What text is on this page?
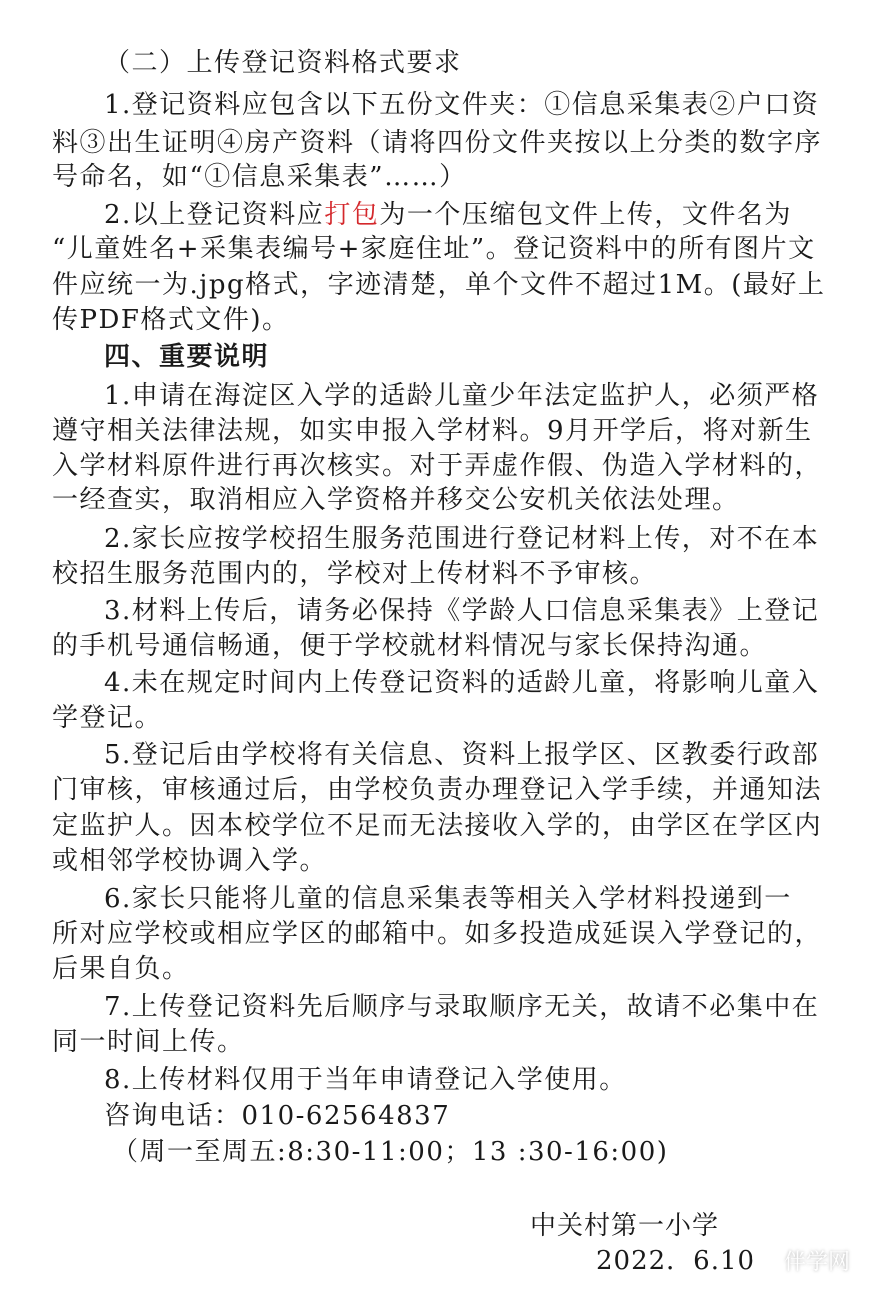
（二）上传登记资料格式要求
1.登记资料应包含以下五份文件夹：①信息采集表②户口资
料③出生证明④房产资料（请将四份文件夹按以上分类的数字序
号命名，如“①信息采集表”……）
2.以上登记资料应打包为一个压缩包文件上传，文件名为
“儿童姓名+采集表编号+家庭住址”。登记资料中的所有图片文
件应统一为.jpg格式，字迹清楚，单个文件不超过1M。(最好上
传PDF格式文件)。
四、重要说明
1.申请在海淀区入学的适龄儿童少年法定监护人，必须严格
遵守相关法律法规，如实申报入学材料。9月开学后，将对新生
入学材料原件进行再次核实。对于弄虚作假、伪造入学材料的，
一经查实，取消相应入学资格并移交公安机关依法处理。
2.家长应按学校招生服务范围进行登记材料上传，对不在本
校招生服务范围内的，学校对上传材料不予审核。
3.材料上传后，请务必保持《学龄人口信息采集表》上登记
的手机号通信畅通，便于学校就材料情况与家长保持沟通。
4.未在规定时间内上传登记资料的适龄儿童，将影响儿童入
学登记。
5.登记后由学校将有关信息、资料上报学区、区教委行政部
门审核，审核通过后，由学校负责办理登记入学手续，并通知法
定监护人。因本校学位不足而无法接收入学的，由学区在学区内
或相邻学校协调入学。
6.家长只能将儿童的信息采集表等相关入学材料投递到一
所对应学校或相应学区的邮箱中。如多投造成延误入学登记的，
后果自负。
7.上传登记资料先后顺序与录取顺序无关，故请不必集中在
同一时间上传。
8.上传材料仅用于当年申请登记入学使用。
咨询电话：010-62564837
（周一至周五:8:30-11:00；13 :30-16:00)
中关村第一小学
2022．6.10 伴学网
